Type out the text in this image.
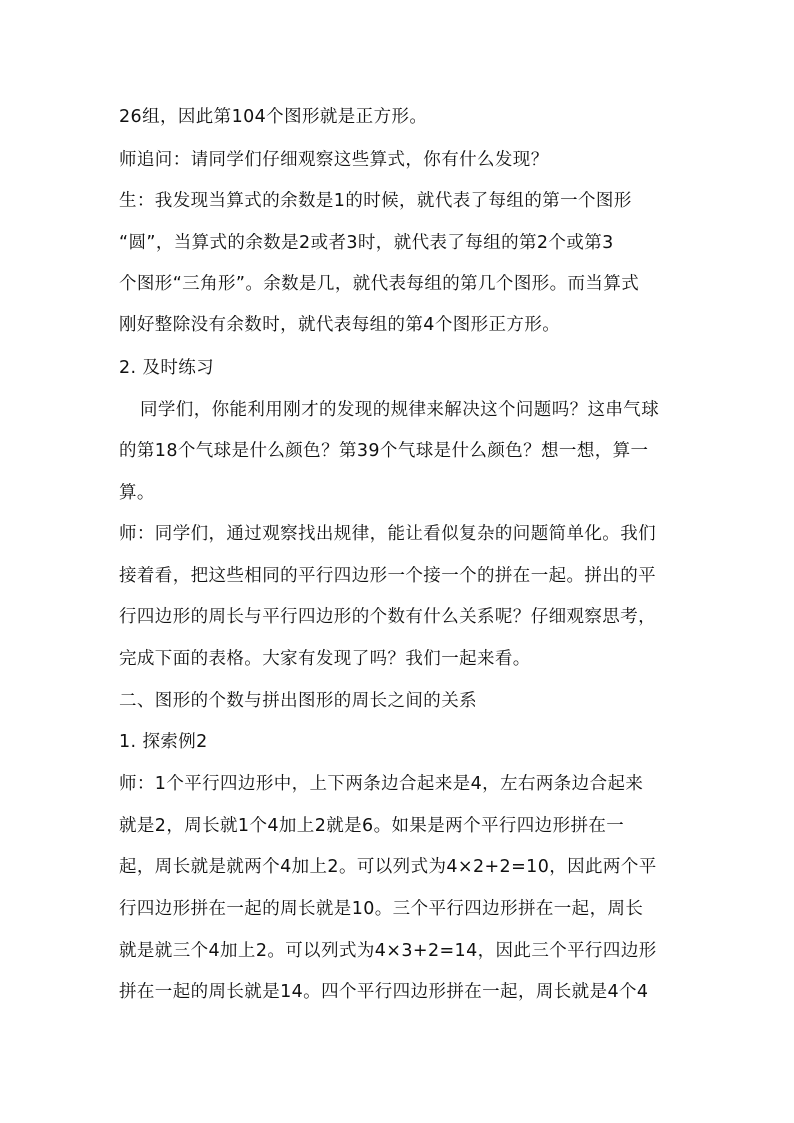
26组，因此第104个图形就是正方形。
师追问：请同学们仔细观察这些算式，你有什么发现？
生：我发现当算式的余数是1的时候，就代表了每组的第一个图形
“圆”，当算式的余数是2或者3时，就代表了每组的第2个或第3
个图形“三角形”。余数是几，就代表每组的第几个图形。而当算式
刚好整除没有余数时，就代表每组的第4个图形正方形。
2. 及时练习
同学们，你能利用刚才的发现的规律来解决这个问题吗？这串气球
的第18个气球是什么颜色？第39个气球是什么颜色？想一想，算一
算。
师：同学们，通过观察找出规律，能让看似复杂的问题简单化。我们
接着看，把这些相同的平行四边形一个接一个的拼在一起。拼出的平
行四边形的周长与平行四边形的个数有什么关系呢？仔细观察思考，
完成下面的表格。大家有发现了吗？我们一起来看。
二、图形的个数与拼出图形的周长之间的关系
1. 探索例2
师：1个平行四边形中，上下两条边合起来是4，左右两条边合起来
就是2，周长就1个4加上2就是6。如果是两个平行四边形拼在一
起，周长就是就两个4加上2。可以列式为4×2+2=10，因此两个平
行四边形拼在一起的周长就是10。三个平行四边形拼在一起，周长
就是就三个4加上2。可以列式为4×3+2=14，因此三个平行四边形
拼在一起的周长就是14。四个平行四边形拼在一起，周长就是4个4
